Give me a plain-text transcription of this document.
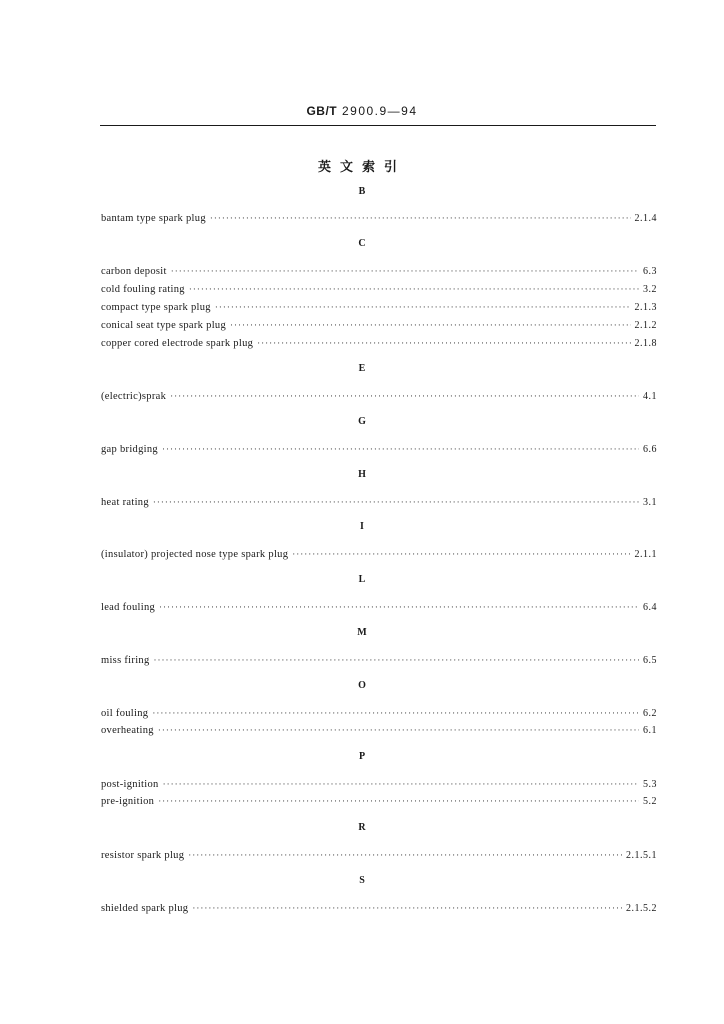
GB/T 2900.9—94
英文索引
B
bantam type spark plug ·····	2.1.4
C
carbon deposit ·····	6.3
cold fouling rating ·····	3.2
compact type spark plug ·····	2.1.3
conical seat type spark plug ·····	2.1.2
copper cored electrode spark plug ·····	2.1.8
E
(electric)sprak ·····	4.1
G
gap bridging ·····	6.6
H
heat rating ·····	3.1
I
(insulator) projected nose type spark plug ·····	2.1.1
L
lead fouling ·····	6.4
M
miss firing ·····	6.5
O
oil fouling ·····	6.2
overheating ·····	6.1
P
post-ignition ·····	5.3
pre-ignition ·····	5.2
R
resistor spark plug ·····	2.1.5.1
S
shielded spark plug ·····	2.1.5.2
